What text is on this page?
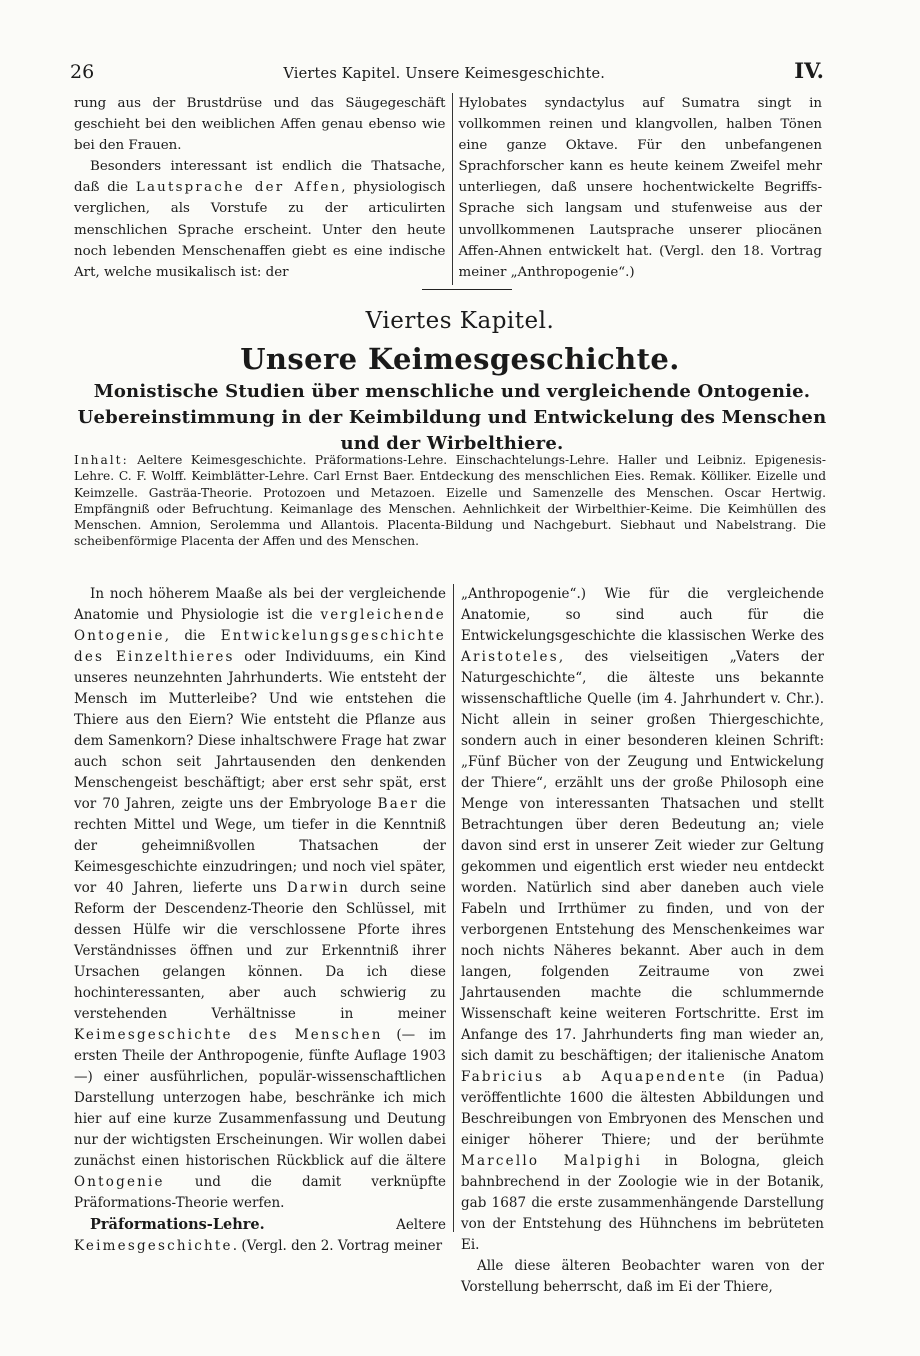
26	Viertes Kapitel. Unsere Keimesgeschichte.	IV.

rung aus der Brustdrüse und das Säugegeschäft geschieht bei den weiblichen Affen genau ebenso wie bei den Frauen.

Besonders interessant ist endlich die Thatsache, daß die Lautsprache der Affen, physiologisch verglichen, als Vorstufe zu der articulirten menschlichen Sprache erscheint. Unter den heute noch lebenden Menschenaffen giebt es eine indische Art, welche musikalisch ist: der

Hylobates syndactylus auf Sumatra singt in vollkommen reinen und klangvollen, halben Tönen eine ganze Oktave. Für den unbefangenen Sprachforscher kann es heute keinem Zweifel mehr unterliegen, daß unsere hochentwickelte Begriffs-Sprache sich langsam und stufenweise aus der unvollkommenen Lautsprache unserer pliocänen Affen-Ahnen entwickelt hat. (Vergl. den 18. Vortrag meiner „Anthropogenie“.)

Viertes Kapitel.
Unsere Keimesgeschichte.
Monistische Studien über menschliche und vergleichende Ontogenie. Uebereinstimmung in der Keimbildung und Entwickelung des Menschen und der Wirbelthiere.
Inhalt: Aeltere Keimesgeschichte. Präformations-Lehre. Einschachtelungs-Lehre. Haller und Leibniz. Epigenesis-Lehre. C. F. Wolff. Keimblätter-Lehre. Carl Ernst Baer. Entdeckung des menschlichen Eies. Remak. Kölliker. Eizelle und Keimzelle. Gasträa-Theorie. Protozoen und Metazoen. Eizelle und Samenzelle des Menschen. Oscar Hertwig. Empfängniß oder Befruchtung. Keimanlage des Menschen. Aehnlichkeit der Wirbelthier-Keime. Die Keimhüllen des Menschen. Amnion, Serolemma und Allantois. Placenta-Bildung und Nachgeburt. Siebhaut und Nabelstrang. Die scheibenförmige Placenta der Affen und des Menschen.

In noch höherem Maaße als bei der vergleichende Anatomie und Physiologie ist die vergleichende Ontogenie, die Entwickelungsgeschichte des Einzelthieres oder Individuums, ein Kind unseres neunzehnten Jahrhunderts. Wie entsteht der Mensch im Mutterleibe? Und wie entstehen die Thiere aus den Eiern? Wie entsteht die Pflanze aus dem Samenkorn? Diese inhaltschwere Frage hat zwar auch schon seit Jahrtausenden den denkenden Menschengeist beschäftigt; aber erst sehr spät, erst vor 70 Jahren, zeigte uns der Embryologe Baer die rechten Mittel und Wege, um tiefer in die Kenntniß der geheimnißvollen Thatsachen der Keimesgeschichte einzudringen; und noch viel später, vor 40 Jahren, lieferte uns Darwin durch seine Reform der Descendenz-Theorie den Schlüssel, mit dessen Hülfe wir die verschlossene Pforte ihres Verständnisses öffnen und zur Erkenntniß ihrer Ursachen gelangen können. Da ich diese hochinteressanten, aber auch schwierig zu verstehenden Verhältnisse in meiner Keimesgeschichte des Menschen (— im ersten Theile der Anthropogenie, fünfte Auflage 1903 —) einer ausführlichen, populär-wissenschaftlichen Darstellung unterzogen habe, beschränke ich mich hier auf eine kurze Zusammenfassung und Deutung nur der wichtigsten Erscheinungen. Wir wollen dabei zunächst einen historischen Rückblick auf die ältere Ontogenie und die damit verknüpfte Präformations-Theorie werfen.

Präformations-Lehre. Aeltere Keimesgeschichte. (Vergl. den 2. Vortrag meiner

„Anthropogenie“.) Wie für die vergleichende Anatomie, so sind auch für die Entwickelungsgeschichte die klassischen Werke des Aristoteles, des vielseitigen „Vaters der Naturgeschichte“, die älteste uns bekannte wissenschaftliche Quelle (im 4. Jahrhundert v. Chr.). Nicht allein in seiner großen Thiergeschichte, sondern auch in einer besonderen kleinen Schrift: „Fünf Bücher von der Zeugung und Entwickelung der Thiere“, erzählt uns der große Philosoph eine Menge von interessanten Thatsachen und stellt Betrachtungen über deren Bedeutung an; viele davon sind erst in unserer Zeit wieder zur Geltung gekommen und eigentlich erst wieder neu entdeckt worden. Natürlich sind aber daneben auch viele Fabeln und Irrthümer zu finden, und von der verborgenen Entstehung des Menschenkeimes war noch nichts Näheres bekannt. Aber auch in dem langen, folgenden Zeitraume von zwei Jahrtausenden machte die schlummernde Wissenschaft keine weiteren Fortschritte. Erst im Anfange des 17. Jahrhunderts fing man wieder an, sich damit zu beschäftigen; der italienische Anatom Fabricius ab Aquapendente (in Padua) veröffentlichte 1600 die ältesten Abbildungen und Beschreibungen von Embryonen des Menschen und einiger höherer Thiere; und der berühmte Marcello Malpighi in Bologna, gleich bahnbrechend in der Zoologie wie in der Botanik, gab 1687 die erste zusammenhängende Darstellung von der Entstehung des Hühnchens im bebrüteten Ei.

Alle diese älteren Beobachter waren von der Vorstellung beherrscht, daß im Ei der Thiere,
